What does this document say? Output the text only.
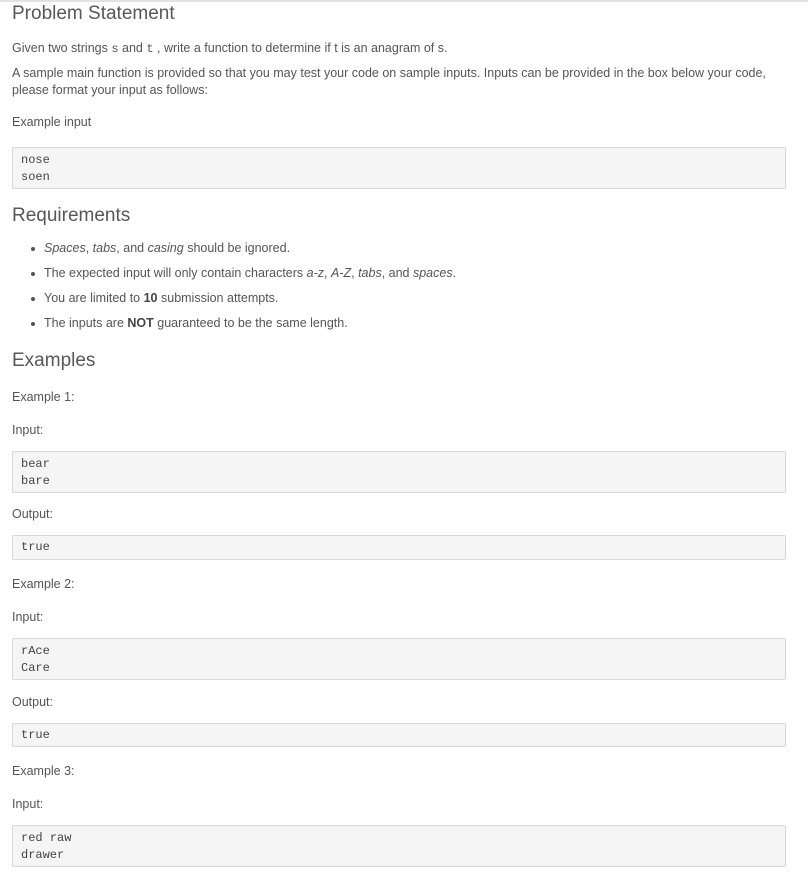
Problem Statement
Given two strings s and t , write a function to determine if t is an anagram of s.
A sample main function is provided so that you may test your code on sample inputs. Inputs can be provided in the box below your code, please format your input as follows:
Example input
nose
soen
Requirements
Spaces, tabs, and casing should be ignored.
The expected input will only contain characters a-z, A-Z, tabs, and spaces.
You are limited to 10 submission attempts.
The inputs are NOT guaranteed to be the same length.
Examples
Example 1:
Input:
bear
bare
Output:
true
Example 2:
Input:
rAce
Care
Output:
true
Example 3:
Input:
red raw
drawer
